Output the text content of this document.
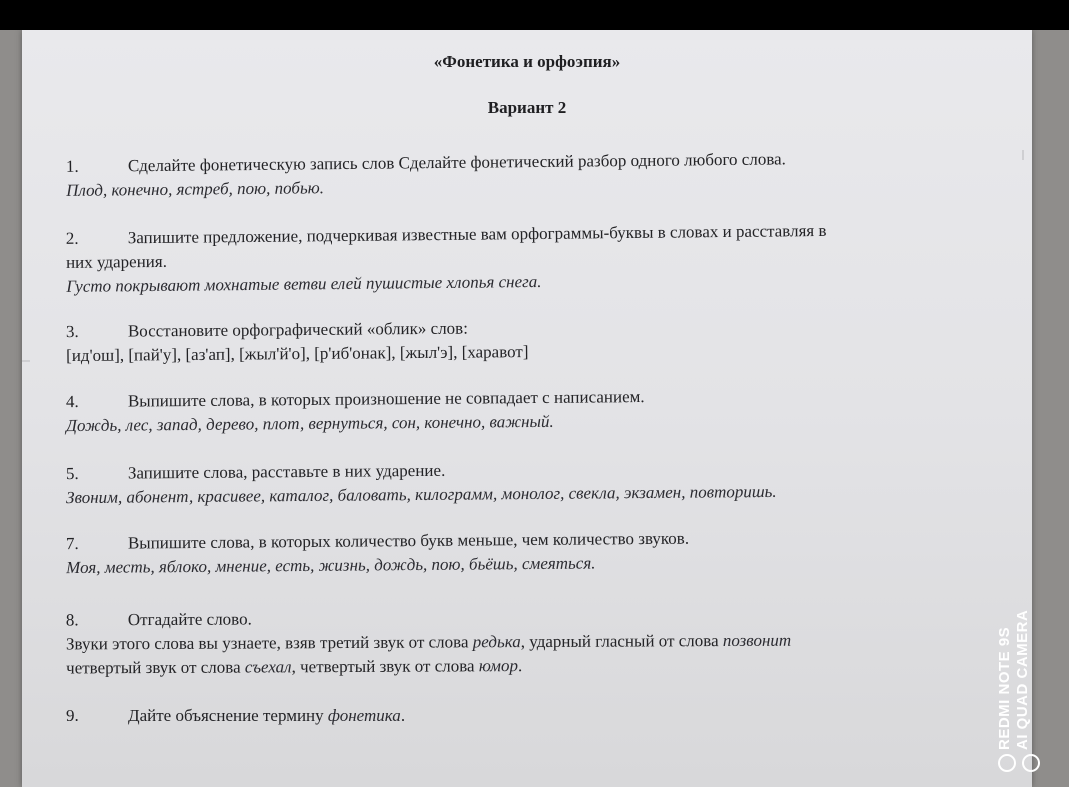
«Фонетика и орфоэпия»

Вариант 2

1.	Сделайте фонетическую запись слов Сделайте фонетический разбор одного любого слова.
Плод, конечно, ястреб, пою, побью.
2.	Запишите предложение, подчеркивая известные вам орфограммы-буквы в словах и расставляя в
них ударения.
Густо покрывают мохнатые ветви елей пушистые хлопья снега.
3.	Восстановите орфографический «облик» слов:
[ид'ош], [пай'у], [аз'ап], [жыл'й'о], [р'иб'онак], [жыл'э], [харавот]
4.	Выпишите слова, в которых произношение не совпадает с написанием.
Дождь, лес, запад, дерево, плот, вернуться, сон, конечно, важный.
5.	Запишите слова, расставьте в них ударение.
Звоним, абонент, красивее, каталог, баловать, килограмм, монолог, свекла, экзамен, повторишь.
7.	Выпишите слова, в которых количество букв меньше, чем количество звуков.
Моя, месть, яблоко, мнение, есть, жизнь, дождь, пою, бьёшь, смеяться.
8.	Отгадайте слово.
Звуки этого слова вы узнаете, взяв третий звук от слова редька, ударный гласный от слова позвонит
четвертый звук от слова съехал, четвертый звук от слова юмор.
9.	Дайте объяснение термину фонетика.	REDMI NOTE 9S AI QUAD CAMERA
